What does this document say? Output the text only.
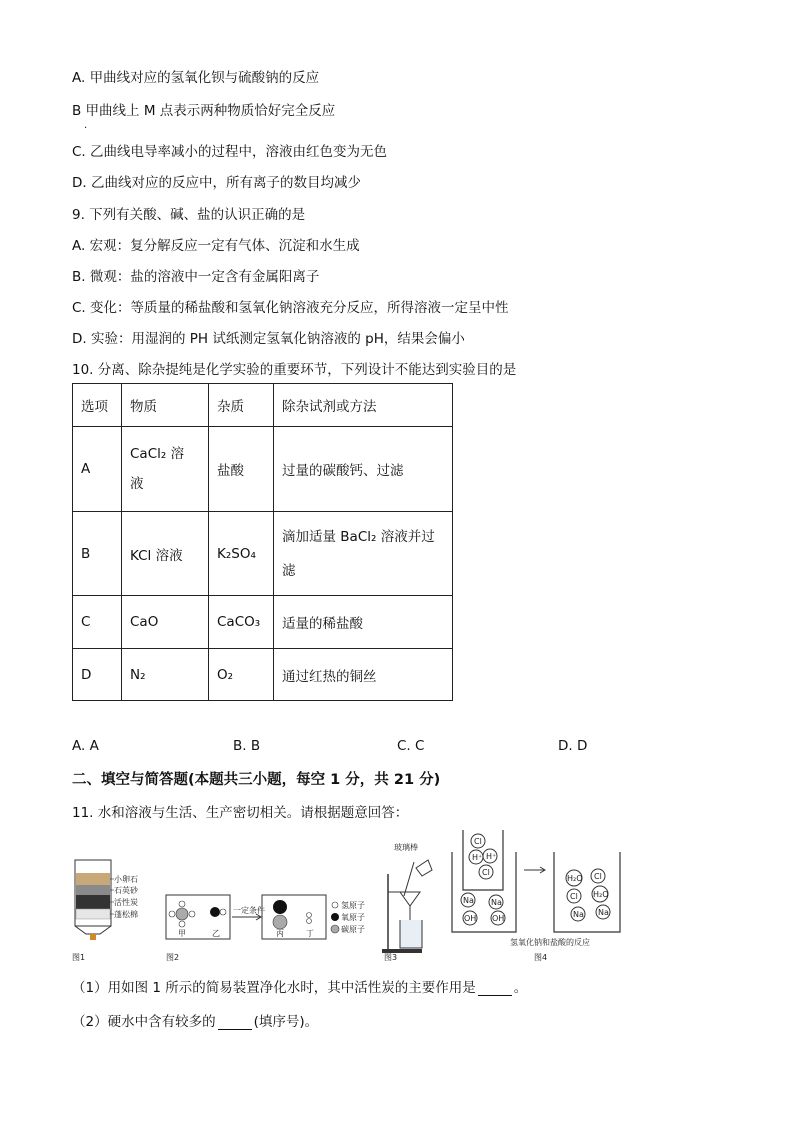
A. 甲曲线对应的氢氧化钡与硫酸钠的反应
B 甲曲线上 M 点表示两种物质恰好完全反应
.
C. 乙曲线电导率减小的过程中，溶液由红色变为无色
D. 乙曲线对应的反应中，所有离子的数目均减少
9. 下列有关酸、碱、盐的认识正确的是
A. 宏观：复分解反应一定有气体、沉淀和水生成
B. 微观：盐的溶液中一定含有金属阳离子
C. 变化：等质量的稀盐酸和氢氧化钠溶液充分反应，所得溶液一定呈中性
D. 实验：用湿润的 PH 试纸测定氢氧化钠溶液的 pH，结果会偏小
10. 分离、除杂提纯是化学实验的重要环节，下列设计不能达到实验目的是
选项	物质	杂质	除杂试剂或方法
A	CaCl₂ 溶液	盐酸	过量的碳酸钙、过滤
B	KCl 溶液	K₂SO₄	滴加适量 BaCl₂ 溶液并过滤
C	CaO	CaCO₃	适量的稀盐酸
D	N₂	O₂	通过红热的铜丝
A. A	B. B	C. C	D. D
二、填空与简答题(本题共三小题，每空 1 分，共 21 分)
11. 水和溶液与生活、生产密切相关。请根据题意回答：
小卵石
石英砂
活性炭
蓬松棉
图1
甲	乙
一定条件
丙	丁
氢原子
氧原子
碳原子
图2
玻璃棒
图3
Cl
H⁺ H⁺
Cl
Na Na
OH OH
H₂O Cl
Cl H₂O
Na Na
氢氧化钠和盐酸的反应
图4
（1）用如图 1 所示的简易装置净化水时，其中活性炭的主要作用是	。
（2）硬水中含有较多的	(填序号)。
